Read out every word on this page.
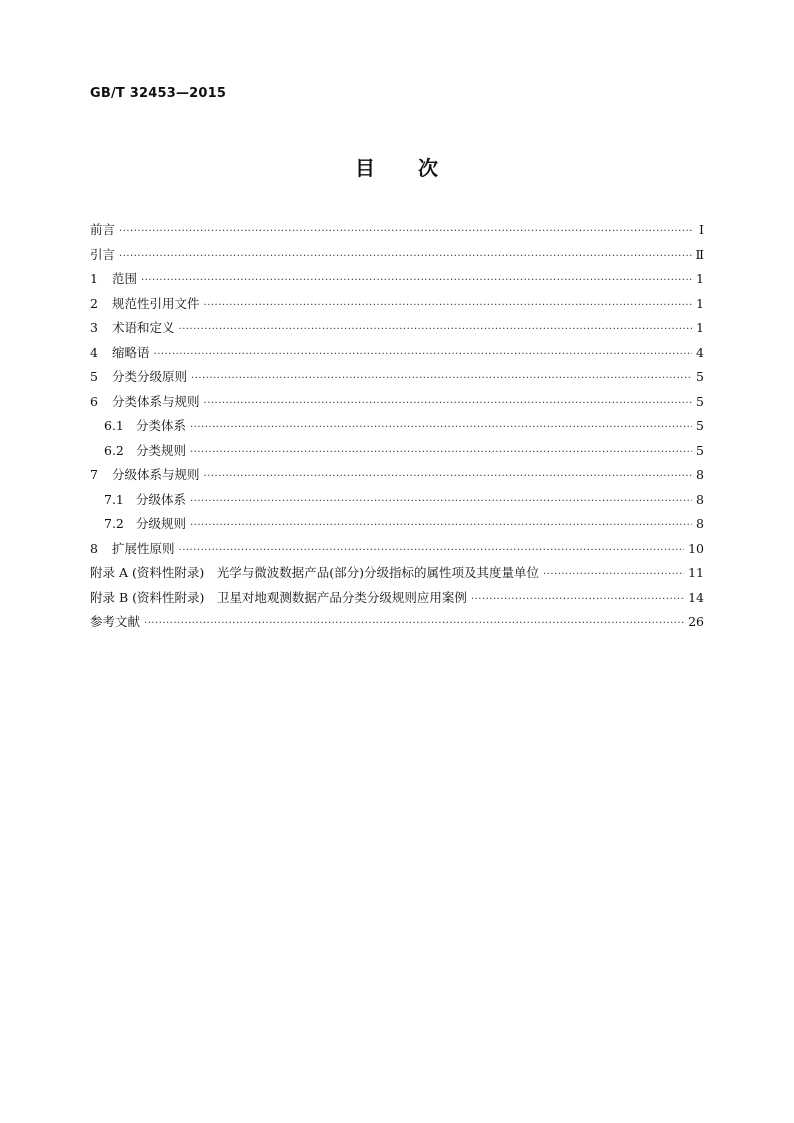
GB/T 32453—2015
目　　次
前言 ·····	Ⅰ
引言 ·····	Ⅱ
1	范围 ·····	1
2	规范性引用文件 ·····	1
3	术语和定义 ·····	1
4	缩略语 ·····	4
5	分类分级原则 ·····	5
6	分类体系与规则 ·····	5
6.1 分类体系 ·····	5
6.2 分类规则 ·····	5
7	分级体系与规则 ·····	8
7.1 分级体系 ·····	8
7.2 分级规则 ·····	8
8	扩展性原则 ·····	10
附录 A (资料性附录)　光学与微波数据产品(部分)分级指标的属性项及其度量单位 ·····	11
附录 B (资料性附录)　卫星对地观测数据产品分类分级规则应用案例 ·····	14
参考文献 ·····	26
